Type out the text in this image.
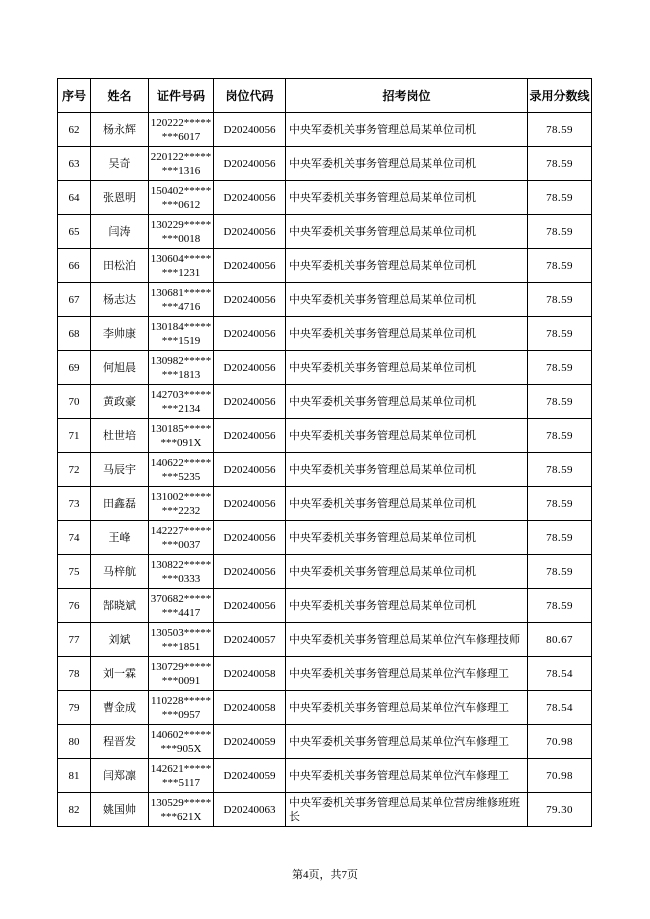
序号	姓名	证件号码	岗位代码	招考岗位	录用分数线
62	杨永辉	120222*****
***6017	D20240056	中央军委机关事务管理总局某单位司机	78.59
63	吴奇	220122*****
***1316	D20240056	中央军委机关事务管理总局某单位司机	78.59
64	张恩明	150402*****
***0612	D20240056	中央军委机关事务管理总局某单位司机	78.59
65	闫涛	130229*****
***0018	D20240056	中央军委机关事务管理总局某单位司机	78.59
66	田松泊	130604*****
***1231	D20240056	中央军委机关事务管理总局某单位司机	78.59
67	杨志达	130681*****
***4716	D20240056	中央军委机关事务管理总局某单位司机	78.59
68	李帅康	130184*****
***1519	D20240056	中央军委机关事务管理总局某单位司机	78.59
69	何旭晨	130982*****
***1813	D20240056	中央军委机关事务管理总局某单位司机	78.59
70	黄政豪	142703*****
***2134	D20240056	中央军委机关事务管理总局某单位司机	78.59
71	杜世培	130185*****
***091X	D20240056	中央军委机关事务管理总局某单位司机	78.59
72	马辰宇	140622*****
***5235	D20240056	中央军委机关事务管理总局某单位司机	78.59
73	田鑫磊	131002*****
***2232	D20240056	中央军委机关事务管理总局某单位司机	78.59
74	王峰	142227*****
***0037	D20240056	中央军委机关事务管理总局某单位司机	78.59
75	马梓航	130822*****
***0333	D20240056	中央军委机关事务管理总局某单位司机	78.59
76	郜晓斌	370682*****
***4417	D20240056	中央军委机关事务管理总局某单位司机	78.59
77	刘斌	130503*****
***1851	D20240057	中央军委机关事务管理总局某单位汽车修理技师	80.67
78	刘一霖	130729*****
***0091	D20240058	中央军委机关事务管理总局某单位汽车修理工	78.54
79	曹金成	110228*****
***0957	D20240058	中央军委机关事务管理总局某单位汽车修理工	78.54
80	程晋发	140602*****
***905X	D20240059	中央军委机关事务管理总局某单位汽车修理工	70.98
81	闫郑凛	142621*****
***5117	D20240059	中央军委机关事务管理总局某单位汽车修理工	70.98
82	姚国帅	130529*****
***621X	D20240063	中央军委机关事务管理总局某单位营房维修班班长	79.30
第4页，共7页
